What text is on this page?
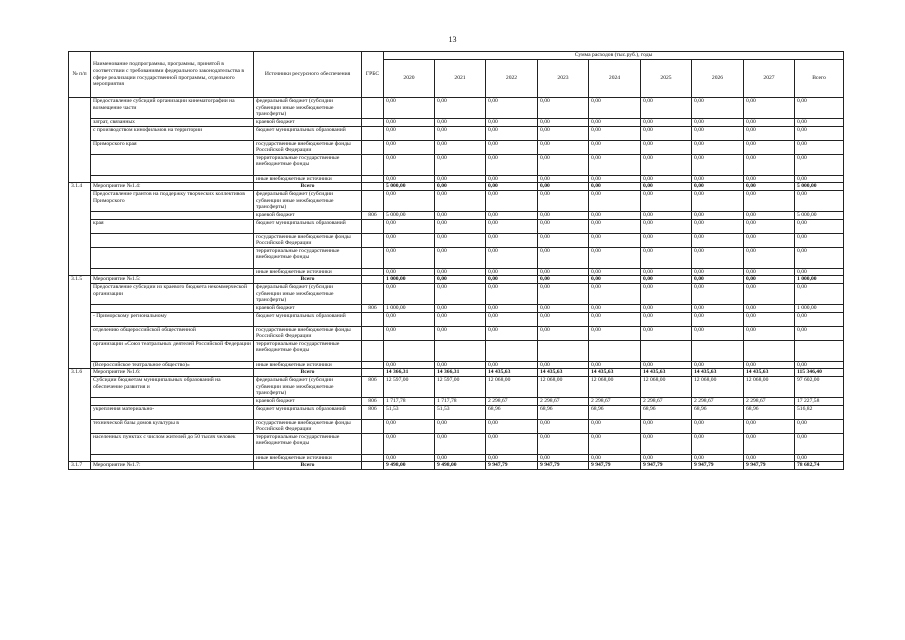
13
№ п/п	Наименование подпрограммы, программы, принятой в соответствии с требованиями федерального законодательства в сфере реализации государственной программы, отдельного мероприятия	Источники ресурсного обеспечения	ГРБС	Сумма расходов (тыс.руб.), годы								
				2020	2021	2022	2023	2024	2025	2026	2027	Всего
	Предоставление субсидий организации кинематографии на возмещение части	федеральный бюджет (субсидии субвенции иные межбюджетные трансферты)		0,00	0,00	0,00	0,00	0,00	0,00	0,00	0,00	0,00
	затрат, связанных	краевой бюджет		0,00	0,00	0,00	0,00	0,00	0,00	0,00	0,00	0,00
	с производством кинофильмов на территории	бюджет муниципальных образований		0,00	0,00	0,00	0,00	0,00	0,00	0,00	0,00	0,00
	Приморского края	государственные внебюджетные фонды Российской Федерации		0,00	0,00	0,00	0,00	0,00	0,00	0,00	0,00	0,00
		территориальные государственные внебюджетные фонды		0,00	0,00	0,00	0,00	0,00	0,00	0,00	0,00	0,00
		иные внебюджетные источники		0,00	0,00	0,00	0,00	0,00	0,00	0,00	0,00	0,00
3.1.4	Мероприятие №1.4:	Всего		5 000,00	0,00	0,00	0,00	0,00	0,00	0,00	0,00	5 000,00
	Предоставление грантов на поддержку творческих коллективов Приморского	федеральный бюджет (субсидии субвенции иные межбюджетные трансферты)		0,00	0,00	0,00	0,00	0,00	0,00	0,00	0,00	0,00
		краевой бюджет	806	5 000,00	0,00	0,00	0,00	0,00	0,00	0,00	0,00	5 000,00
	края	бюджет муниципальных образований		0,00	0,00	0,00	0,00	0,00	0,00	0,00	0,00	0,00
		государственные внебюджетные фонды Российской Федерации		0,00	0,00	0,00	0,00	0,00	0,00	0,00	0,00	0,00
		территориальные государственные внебюджетные фонды		0,00	0,00	0,00	0,00	0,00	0,00	0,00	0,00	0,00
		иные внебюджетные источники		0,00	0,00	0,00	0,00	0,00	0,00	0,00	0,00	0,00
3.1.5	Мероприятие №1.5:	Всего		1 000,00	0,00	0,00	0,00	0,00	0,00	0,00	0,00	1 000,00
	Предоставление субсидии из краевого бюджета некоммерческой организации	федеральный бюджет (субсидии субвенции иные межбюджетные трансферты)		0,00	0,00	0,00	0,00	0,00	0,00	0,00	0,00	0,00
		краевой бюджет	806	1 000,00	0,00	0,00	0,00	0,00	0,00	0,00	0,00	1 000,00
	- Приморскому региональному	бюджет муниципальных образований		0,00	0,00	0,00	0,00	0,00	0,00	0,00	0,00	0,00
	отделению общероссийской общественной	государственные внебюджетные фонды Российской Федерации		0,00	0,00	0,00	0,00	0,00	0,00	0,00	0,00	0,00
	организации «Союз театральных деятелей Российской Федерации	территориальные государственные внебюджетные фонды										
	(Всероссийское театральное общество)»	иные внебюджетные источники		0,00	0,00	0,00	0,00	0,00	0,00	0,00	0,00	0,00
3.1.6	Мероприятие №1.6:	Всего		14 366,31	14 366,31	14 435,63	14 435,63	14 435,63	14 435,63	14 435,63	14 435,63	115 346,40
	Субсидии бюджетам муниципальных образований на обеспечение развития и	федеральный бюджет (субсидии субвенции иные межбюджетные трансферты)	806	12 597,00	12 597,00	12 068,00	12 068,00	12 068,00	12 068,00	12 068,00	12 068,00	97 602,00
		краевой бюджет	806	1 717,78	1 717,78	2 298,67	2 298,67	2 298,67	2 298,67	2 298,67	2 298,67	17 227,58
	укрепления материально-	бюджет муниципальных образований	806	51,53	51,53	68,96	68,96	68,96	68,96	68,96	68,96	516,82
	технической базы домов культуры в	государственные внебюджетные фонды Российской Федерации		0,00	0,00	0,00	0,00	0,00	0,00	0,00	0,00	0,00
	населенных пунктах с числом жителей до 50 тысяч человек	территориальные государственные внебюджетные фонды		0,00	0,00	0,00	0,00	0,00	0,00	0,00	0,00	0,00
		иные внебюджетные источники		0,00	0,00	0,00	0,00	0,00	0,00	0,00	0,00	0,00
3.1.7	Мероприятие №1.7:	Всего		9 498,00	9 498,00	9 947,79	9 947,79	9 947,79	9 947,79	9 947,79	9 947,79	78 682,74
